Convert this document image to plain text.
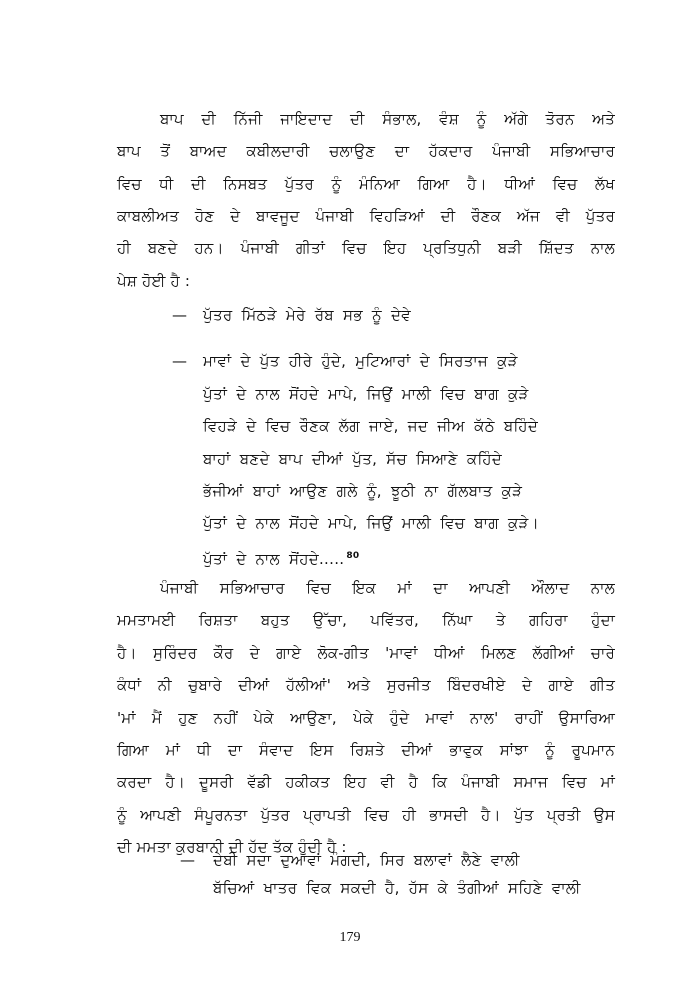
ਬਾਪ ਦੀ ਨਿੱਜੀ ਜਾਇਦਾਦ ਦੀ ਸੰਭਾਲ, ਵੰਸ਼ ਨੂੰ ਅੱਗੇ ਤੋਰਨ ਅਤੇ
ਬਾਪ ਤੋਂ ਬਾਅਦ ਕਬੀਲਦਾਰੀ ਚਲਾਉਣ ਦਾ ਹੱਕਦਾਰ ਪੰਜਾਬੀ ਸਭਿਆਚਾਰ
ਵਿਚ ਧੀ ਦੀ ਨਿਸਬਤ ਪੁੱਤਰ ਨੂੰ ਮੰਨਿਆ ਗਿਆ ਹੈ। ਧੀਆਂ ਵਿਚ ਲੱਖ
ਕਾਬਲੀਅਤ ਹੋਣ ਦੇ ਬਾਵਜੂਦ ਪੰਜਾਬੀ ਵਿਹੜਿਆਂ ਦੀ ਰੌਣਕ ਅੱਜ ਵੀ ਪੁੱਤਰ
ਹੀ ਬਣਦੇ ਹਨ। ਪੰਜਾਬੀ ਗੀਤਾਂ ਵਿਚ ਇਹ ਪ੍ਰਤਿਧੁਨੀ ਬੜੀ ਸ਼ਿੱਦਤ ਨਾਲ
ਪੇਸ਼ ਹੋਈ ਹੈ :
— ਪੁੱਤਰ ਮਿੱਠੜੇ ਮੇਰੇ ਰੱਬ ਸਭ ਨੂੰ ਦੇਵੇ
— ਮਾਵਾਂ ਦੇ ਪੁੱਤ ਹੀਰੇ ਹੁੰਦੇ, ਮੁਟਿਆਰਾਂ ਦੇ ਸਿਰਤਾਜ ਕੁੜੇ
ਪੁੱਤਾਂ ਦੇ ਨਾਲ ਸੋਂਹਦੇ ਮਾਪੇ, ਜਿਉਂ ਮਾਲੀ ਵਿਚ ਬਾਗ ਕੁੜੇ
ਵਿਹੜੇ ਦੇ ਵਿਚ ਰੌਣਕ ਲੱਗ ਜਾਏ, ਜਦ ਜੀਅ ਕੱਠੇ ਬਹਿੰਦੇ
ਬਾਹਾਂ ਬਣਦੇ ਬਾਪ ਦੀਆਂ ਪੁੱਤ, ਸੱਚ ਸਿਆਣੇ ਕਹਿੰਦੇ
ਭੱਜੀਆਂ ਬਾਹਾਂ ਆਉਣ ਗਲੇ ਨੂੰ, ਝੂਠੀ ਨਾ ਗੱਲਬਾਤ ਕੁੜੇ
ਪੁੱਤਾਂ ਦੇ ਨਾਲ ਸੋਂਹਦੇ ਮਾਪੇ, ਜਿਉਂ ਮਾਲੀ ਵਿਚ ਬਾਗ ਕੁੜੇ।
ਪੁੱਤਾਂ ਦੇ ਨਾਲ ਸੋਂਹਦੇ..... $^{80}$
ਪੰਜਾਬੀ ਸਭਿਆਚਾਰ ਵਿਚ ਇਕ ਮਾਂ ਦਾ ਆਪਣੀ ਔਲਾਦ ਨਾਲ
ਮਮਤਾਮਈ ਰਿਸ਼ਤਾ ਬਹੁਤ ਉੱਚਾ, ਪਵਿੱਤਰ, ਨਿੱਘਾ ਤੇ ਗਹਿਰਾ ਹੁੰਦਾ
ਹੈ। ਸੁਰਿੰਦਰ ਕੌਰ ਦੇ ਗਾਏ ਲੋਕ-ਗੀਤ 'ਮਾਵਾਂ ਧੀਆਂ ਮਿਲਣ ਲੱਗੀਆਂ ਚਾਰੇ
ਕੰਧਾਂ ਨੀ ਚੁਬਾਰੇ ਦੀਆਂ ਹੱਲੀਆਂ' ਅਤੇ ਸੁਰਜੀਤ ਬਿੰਦਰਖੀਏ ਦੇ ਗਾਏ ਗੀਤ
'ਮਾਂ ਮੈਂ ਹੁਣ ਨਹੀਂ ਪੇਕੇ ਆਉਣਾ, ਪੇਕੇ ਹੁੰਦੇ ਮਾਵਾਂ ਨਾਲ' ਰਾਹੀਂ ਉਸਾਰਿਆ
ਗਿਆ ਮਾਂ ਧੀ ਦਾ ਸੰਵਾਦ ਇਸ ਰਿਸ਼ਤੇ ਦੀਆਂ ਭਾਵੁਕ ਸਾਂਝਾ ਨੂੰ ਰੂਪਮਾਨ
ਕਰਦਾ ਹੈ। ਦੂਸਰੀ ਵੱਡੀ ਹਕੀਕਤ ਇਹ ਵੀ ਹੈ ਕਿ ਪੰਜਾਬੀ ਸਮਾਜ ਵਿਚ ਮਾਂ
ਨੂੰ ਆਪਣੀ ਸੰਪੂਰਨਤਾ ਪੁੱਤਰ ਪ੍ਰਾਪਤੀ ਵਿਚ ਹੀ ਭਾਸਦੀ ਹੈ। ਪੁੱਤ ਪ੍ਰਤੀ ਉਸ
ਦੀ ਮਮਤਾ ਕੁਰਬਾਨੀ ਦੀ ਹੱਦ ਤੱਕ ਹੁੰਦੀ ਹੈ :
— ਦੇਬੀ ਸਦਾ ਦੁਆਵਾਂ ਮੰਗਦੀ, ਸਿਰ ਬਲਾਵਾਂ ਲੈਣੇ ਵਾਲੀ
ਬੱਚਿਆਂ ਖਾਤਰ ਵਿਕ ਸਕਦੀ ਹੈ, ਹੱਸ ਕੇ ਤੰਗੀਆਂ ਸਹਿਣੇ ਵਾਲੀ
179
